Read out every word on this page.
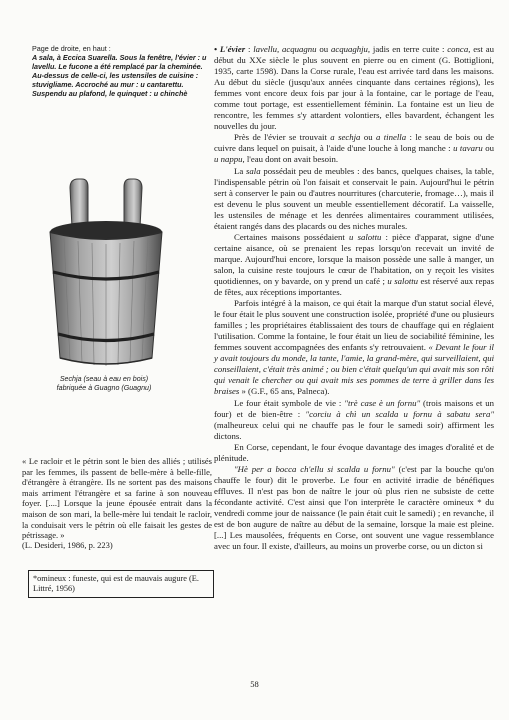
Page de droite, en haut :
A sala, à Eccica Suarella. Sous la fenêtre, l'évier : u lavellu. Le fucone a été remplacé par la cheminée. Au-dessus de celle-ci, les ustensiles de cuisine : stuvigliame. Accroché au mur : u cantarettu. Suspendu au plafond, le quinquet : u chinchè

Sechja (seau à eau en bois)
fabriquée à Guagno (Guagnu)

« Le racloir et le pétrin sont le bien des alliés ; utilisés par les femmes, ils passent de belle-mère à belle-fille, d'étrangère à étrangère. Ils ne sortent pas des maisons mais arriment l'étrangère et sa farine à son nouveau foyer. [....] Lorsque la jeune épousée entrait dans la maison de son mari, la belle-mère lui tendait le racloir, la conduisait vers le pétrin où elle faisait les gestes de pétrissage. »

(L. Desideri, 1986, p. 223)

*omineux : funeste, qui est de mauvais augure (E. Littré, 1956)

• L'évier : lavellu, acquagnu ou acquaghju, jadis en terre cuite : conca, est au début du XXe siècle le plus souvent en pierre ou en ciment (G. Bottiglioni, 1935, carte 1598). Dans la Corse rurale, l'eau est arrivée tard dans les maisons. Au début du siècle (jusqu'aux années cinquante dans certaines régions), les femmes vont encore deux fois par jour à la fontaine, car le portage de l'eau, comme tout portage, est essentiellement féminin. La fontaine est un lieu de rencontre, les femmes s'y attardent volontiers, elles bavardent, échangent les nouvelles du jour.

Près de l'évier se trouvait a sechja ou a tinella : le seau de bois ou de cuivre dans lequel on puisait, à l'aide d'une louche à long manche : u tavaru ou u nappu, l'eau dont on avait besoin.

La sala possédait peu de meubles : des bancs, quelques chaises, la table, l'indispensable pétrin où l'on faisait et conservait le pain. Aujourd'hui le pétrin sert à conserver le pain ou d'autres nourritures (charcuterie, fromage…), mais il est devenu le plus souvent un meuble essentiellement décoratif. La vaisselle, les ustensiles de ménage et les denrées alimentaires couramment utilisées, étaient rangés dans des placards ou des niches murales.

Certaines maisons possédaient u salottu : pièce d'apparat, signe d'une certaine aisance, où se prenaient les repas lorsqu'on recevait un invité de marque. Aujourd'hui encore, lorsque la maison possède une salle à manger, un salon, la cuisine reste toujours le cœur de l'habitation, on y reçoit les visites quotidiennes, on y bavarde, on y prend un café ; u salottu est réservé aux repas de fêtes, aux réceptions importantes.

Parfois intégré à la maison, ce qui était la marque d'un statut social élevé, le four était le plus souvent une construction isolée, propriété d'une ou plusieurs familles ; les propriétaires établissaient des tours de chauffage qui en réglaient l'utilisation. Comme la fontaine, le four était un lieu de sociabilité féminine, les femmes souvent accompagnées des enfants s'y retrouvaient. « Devant le four il y avait toujours du monde, la tante, l'amie, la grand-mère, qui surveillaient, qui conseillaient, c'était très animé ; ou bien c'était quelqu'un qui avait mis son rôti qui venait le chercher ou qui avait mis ses pommes de terre à griller dans les braises » (G.F., 65 ans, Palneca).

Le four était symbole de vie : "trè case è un fornu" (trois maisons et un four) et de bien-être : "corciu à chì un scalda u fornu à sabatu sera" (malheureux celui qui ne chauffe pas le four le samedi soir) affirment les dictons.

En Corse, cependant, le four évoque davantage des images d'oralité et de plénitude.

"Hè per a bocca ch'ellu si scalda u fornu" (c'est par la bouche qu'on chauffe le four) dit le proverbe. Le four en activité irradie de bénéfiques effluves. Il n'est pas bon de naître le jour où plus rien ne subsiste de cette fécondante activité. C'est ainsi que l'on interprète le caractère omineux * du vendredi comme jour de naissance (le pain était cuit le samedi) ; en revanche, il est de bon augure de naître au début de la semaine, lorsque la maie est pleine. [...] Les mausolées, fréquents en Corse, ont souvent une vague ressemblance avec un four. Il existe, d'ailleurs, au moins un proverbe corse, ou un dicton si

58
